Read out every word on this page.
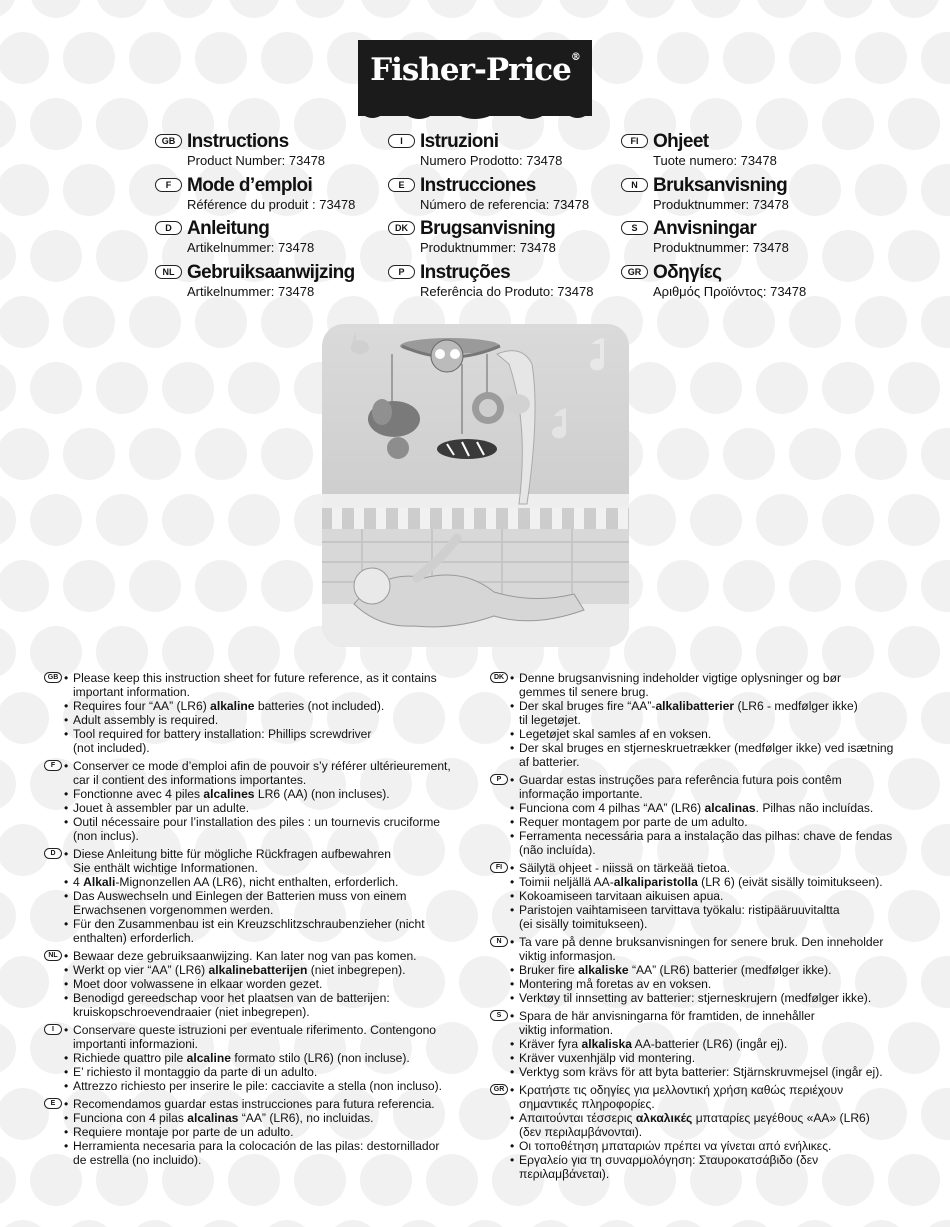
Fisher-Price®
GB Instructions
Product Number: 73478
F Mode d’emploi
Référence du produit : 73478
D Anleitung
Artikelnummer: 73478
NL Gebruiksaanwijzing
Artikelnummer: 73478
I Istruzioni
Numero Prodotto: 73478
E Instrucciones
Número de referencia: 73478
DK Brugsanvisning
Produktnummer: 73478
P Instruções
Referência do Produto: 73478
FI Ohjeet
Tuote numero: 73478
N Bruksanvisning
Produktnummer: 73478
S Anvisningar
Produktnummer: 73478
GR Οδηγίες
Αριθμός Προϊόντος: 73478
GB	• Please keep this instruction sheet for future reference, as it contains
important information.
• Requires four “AA” (LR6) alkaline batteries (not included).
• Adult assembly is required.
• Tool required for battery installation: Phillips screwdriver
(not included).
F	• Conserver ce mode d’emploi afin de pouvoir s’y référer ultérieurement,
car il contient des informations importantes.
• Fonctionne avec 4 piles alcalines LR6 (AA) (non incluses).
• Jouet à assembler par un adulte.
• Outil nécessaire pour l’installation des piles : un tournevis cruciforme
(non inclus).
D	• Diese Anleitung bitte für mögliche Rückfragen aufbewahren
Sie enthält wichtige Informationen.
• 4 Alkali-Mignonzellen AA (LR6), nicht enthalten, erforderlich.
• Das Auswechseln und Einlegen der Batterien muss von einem
Erwachsenen vorgenommen werden.
• Für den Zusammenbau ist ein Kreuzschlitzschraubenzieher (nicht
enthalten) erforderlich.
NL	• Bewaar deze gebruiksaanwijzing. Kan later nog van pas komen.
• Werkt op vier “AA” (LR6) alkalinebatterijen (niet inbegrepen).
• Moet door volwassene in elkaar worden gezet.
• Benodigd gereedschap voor het plaatsen van de batterijen:
kruiskopschroevendraaier (niet inbegrepen).
I	• Conservare queste istruzioni per eventuale riferimento. Contengono
importanti informazioni.
• Richiede quattro pile alcaline formato stilo (LR6) (non incluse).
• E’ richiesto il montaggio da parte di un adulto.
• Attrezzo richiesto per inserire le pile: cacciavite a stella (non incluso).
E	• Recomendamos guardar estas instrucciones para futura referencia.
• Funciona con 4 pilas alcalinas “AA” (LR6), no incluidas.
• Requiere montaje por parte de un adulto.
• Herramienta necesaria para la colocación de las pilas: destornillador
de estrella (no incluido).
DK	• Denne brugsanvisning indeholder vigtige oplysninger og bør
gemmes til senere brug.
• Der skal bruges fire “AA”-alkalibatterier (LR6 - medfølger ikke)
til legetøjet.
• Legetøjet skal samles af en voksen.
• Der skal bruges en stjerneskruetrækker (medfølger ikke) ved isætning
af batterier.
P	• Guardar estas instruções para referência futura pois contêm
informação importante.
• Funciona com 4 pilhas “AA” (LR6) alcalinas. Pilhas não incluídas.
• Requer montagem por parte de um adulto.
• Ferramenta necessária para a instalação das pilhas: chave de fendas
(não incluída).
FI	• Säilytä ohjeet - niissä on tärkeää tietoa.
• Toimii neljällä AA-alkaliparistolla (LR 6) (eivät sisälly toimitukseen).
• Kokoamiseen tarvitaan aikuisen apua.
• Paristojen vaihtamiseen tarvittava työkalu: ristipääruuvitaltta
(ei sisälly toimitukseen).
N	• Ta vare på denne bruksanvisningen for senere bruk. Den inneholder
viktig informasjon.
• Bruker fire alkaliske “AA” (LR6) batterier (medfølger ikke).
• Montering må foretas av en voksen.
• Verktøy til innsetting av batterier: stjerneskrujern (medfølger ikke).
S	• Spara de här anvisningarna för framtiden, de innehåller
viktig information.
• Kräver fyra alkaliska AA-batterier (LR6) (ingår ej).
• Kräver vuxenhjälp vid montering.
• Verktyg som krävs för att byta batterier: Stjärnskruvmejsel (ingår ej).
GR	• Κρατήστε τις οδηγίες για μελλοντική χρήση καθώς περιέχουν
σημαντικές πληροφορίες.
• Απαιτούνται τέσσερις αλκαλικές μπαταρίες μεγέθους «AA» (LR6)
(δεν περιλαμβάνονται).
• Οι τοποθέτηση μπαταριών πρέπει να γίνεται από ενήλικες.
• Εργαλείο για τη συναρμολόγηση: Σταυροκατσάβιδο (δεν
περιλαμβάνεται).
